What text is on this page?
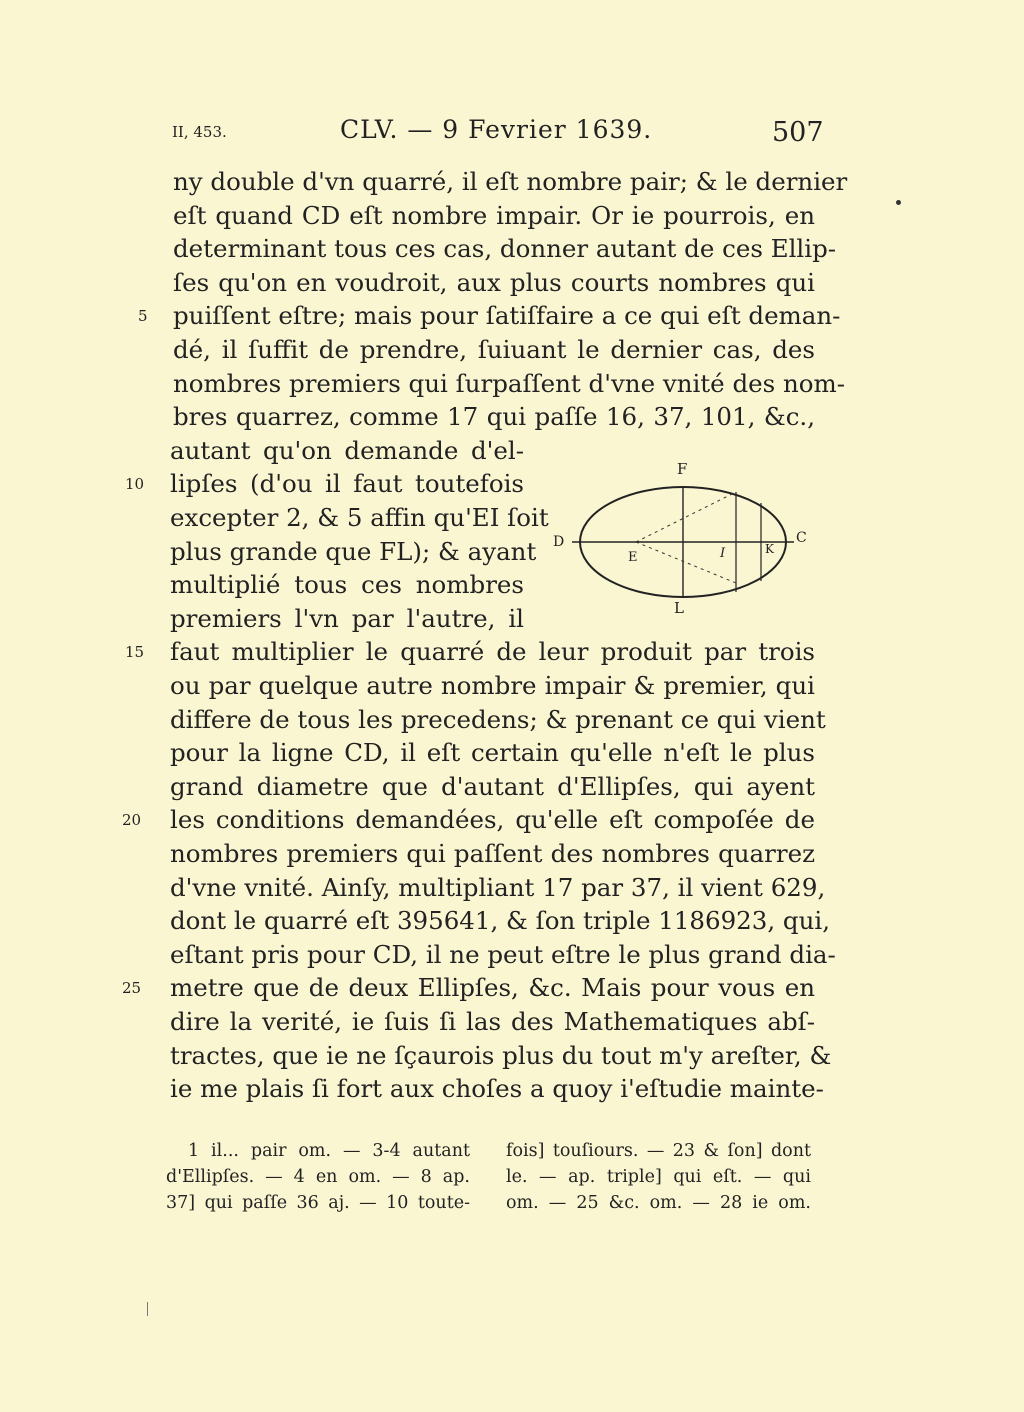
II, 453.	CLV. — 9 Fevrier 1639.	507
ny double d'vn quarré, il eſt nombre pair; & le dernier
eſt quand CD eſt nombre impair. Or ie pourrois, en
determinant tous ces cas, donner autant de ces Ellip-
ſes qu'on en voudroit, aux plus courts nombres qui
puiſſent eſtre; mais pour ſatiſfaire a ce qui eſt deman-
dé, il ſuffit de prendre, ſuiuant le dernier cas, des
nombres premiers qui ſurpaſſent d'vne vnité des nom-
bres quarrez, comme 17 qui paſſe 16, 37, 101, &c.,
autant qu'on demande d'el-
lipſes (d'ou il faut toutefois
excepter 2, & 5 affin qu'EI ſoit
plus grande que FL); & ayant
multiplié tous ces nombres
premiers l'vn par l'autre, il
faut multiplier le quarré de leur produit par trois
ou par quelque autre nombre impair & premier, qui
differe de tous les precedens; & prenant ce qui vient
pour la ligne CD, il eſt certain qu'elle n'eſt le plus
grand diametre que d'autant d'Ellipſes, qui ayent
les conditions demandées, qu'elle eſt compoſée de
nombres premiers qui paſſent des nombres quarrez
d'vne vnité. Ainſy, multipliant 17 par 37, il vient 629,
dont le quarré eſt 395641, & ſon triple 1186923, qui,
eſtant pris pour CD, il ne peut eſtre le plus grand dia-
metre que de deux Ellipſes, &c. Mais pour vous en
dire la verité, ie ſuis ſi las des Mathematiques abſ-
tractes, que ie ne ſçaurois plus du tout m'y areſter, &
ie me plais ſi fort aux choſes a quoy i'eſtudie mainte-
5
10
15
20
25
F
D	C
E	I	K
L
1 il... pair om. — 3-4 autant
d'Ellipſes. — 4 en om. — 8 ap.
37] qui paſſe 36 aj. — 10 toute-
fois] touſiours. — 23 & ſon] dont
le. — ap. triple] qui eſt. — qui
om. — 25 &c. om. — 28 ie om.
